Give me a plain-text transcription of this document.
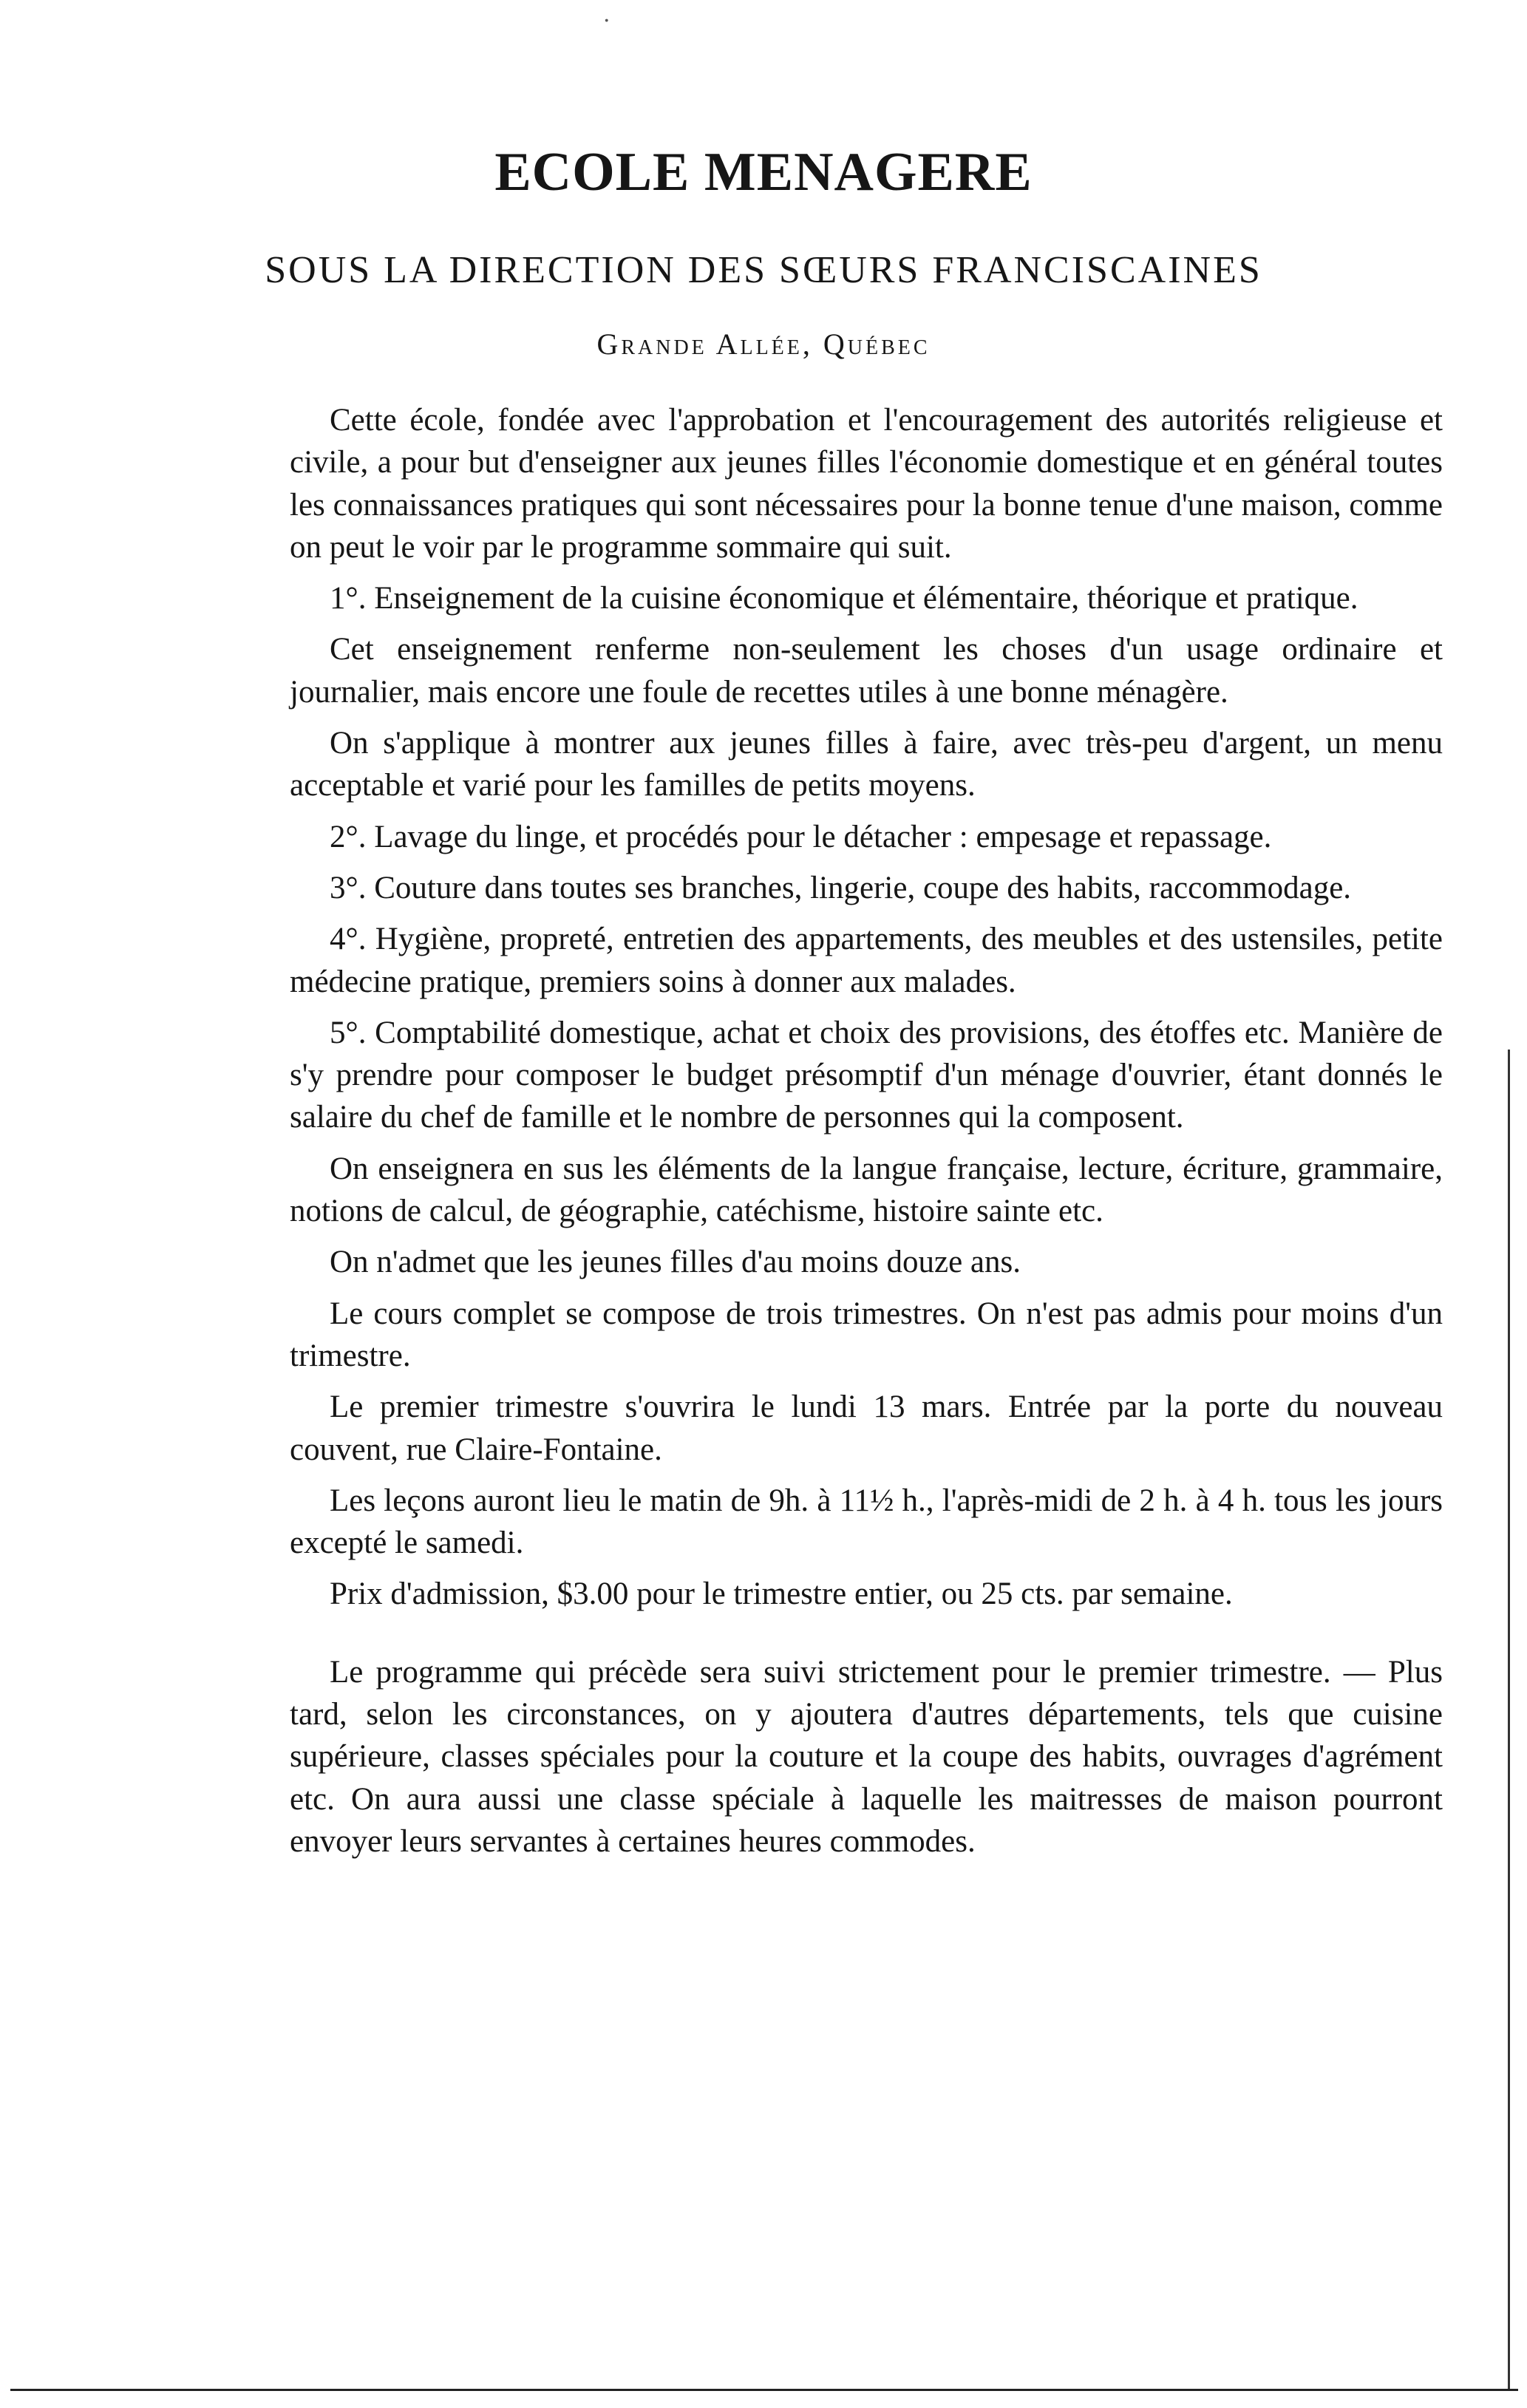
·
ECOLE MENAGERE
SOUS LA DIRECTION DES SŒURS FRANCISCAINES
Grande Allée, Québec

Cette école, fondée avec l'approbation et l'encouragement des autorités religieuse et civile, a pour but d'enseigner aux jeunes filles l'économie domestique et en général toutes les connaissances pratiques qui sont nécessaires pour la bonne tenue d'une maison, comme on peut le voir par le programme sommaire qui suit.

1°. Enseignement de la cuisine économique et élémentaire, théorique et pratique.

Cet enseignement renferme non-seulement les choses d'un usage ordinaire et journalier, mais encore une foule de recettes utiles à une bonne ménagère.

On s'applique à montrer aux jeunes filles à faire, avec très-peu d'argent, un menu acceptable et varié pour les familles de petits moyens.

2°. Lavage du linge, et procédés pour le détacher : empesage et repassage.

3°. Couture dans toutes ses branches, lingerie, coupe des habits, raccommodage.

4°. Hygiène, propreté, entretien des appartements, des meubles et des ustensiles, petite médecine pratique, premiers soins à donner aux malades.

5°. Comptabilité domestique, achat et choix des provisions, des étoffes etc. Manière de s'y prendre pour composer le budget présomptif d'un ménage d'ouvrier, étant donnés le salaire du chef de famille et le nombre de personnes qui la composent.

On enseignera en sus les éléments de la langue française, lecture, écriture, grammaire, notions de calcul, de géographie, catéchisme, histoire sainte etc.

On n'admet que les jeunes filles d'au moins douze ans.

Le cours complet se compose de trois trimestres. On n'est pas admis pour moins d'un trimestre.

Le premier trimestre s'ouvrira le lundi 13 mars. Entrée par la porte du nouveau couvent, rue Claire-Fontaine.

Les leçons auront lieu le matin de 9h. à 11½ h., l'après-midi de 2 h. à 4 h. tous les jours excepté le samedi.

Prix d'admission, $3.00 pour le trimestre entier, ou 25 cts. par semaine.

Le programme qui précède sera suivi strictement pour le premier trimestre. — Plus tard, selon les circonstances, on y ajoutera d'autres départements, tels que cuisine supérieure, classes spéciales pour la couture et la coupe des habits, ouvrages d'agrément etc. On aura aussi une classe spéciale à laquelle les maitresses de maison pourront envoyer leurs servantes à certaines heures commodes.
